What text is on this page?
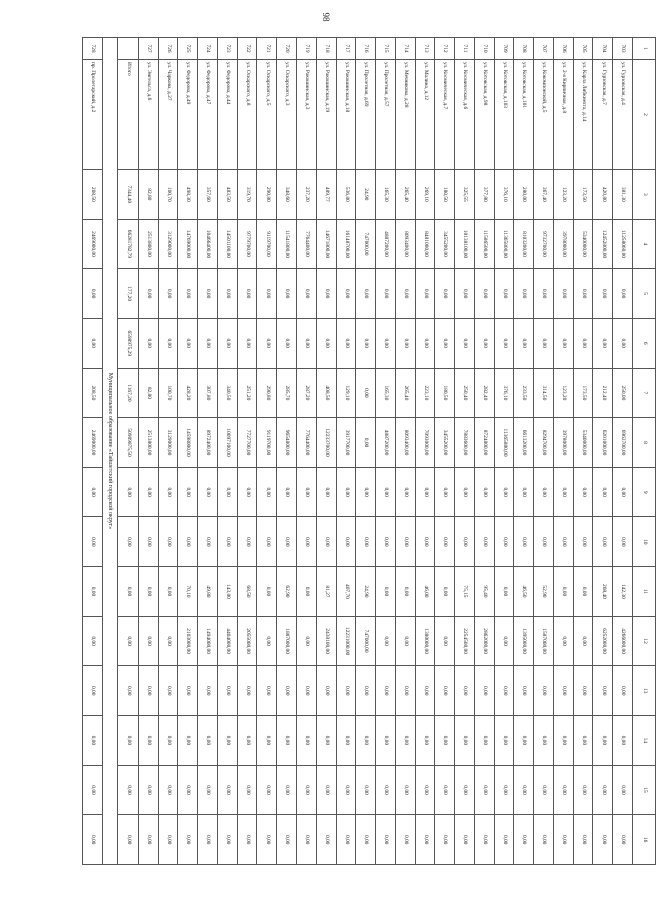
98
1	2	3	4	5	6	7	8	9	10	11	12	13	14	15	16
703	ул. Гурзовская, д.4	381,30	11258060,00	0,00	0,00	250,00	6963700,00	0,00	0,00	142,30	4266000,00	0,00	0,00	0,00	0,00
704	ул. Гурзовская, д.7	420,80	12452800,00	0,00	0,00	212,40	6201000,00	0,00	0,00	208,40	6252000,00	0,00	0,00	0,00	0,00
705	ул. Карла Либкнехта, д.14	173,50	5340000,00	0,00	0,00	173,50	5340000,00	0,00	0,00	0,00	0,00	0,00	0,00	0,00	0,00
706	ул. 2-я Кирпичная, д.8	123,20	3978000,00	0,00	0,00	123,20	3978000,00	0,00	0,00	0,00	0,00	0,00	0,00	0,00	0,00
707	ул. Кокомпонской, д.5	367,40	9732700,00	0,00	0,00	314,50	8294700,00	0,00	0,00	52,90	1587000,00	0,00	0,00	0,00	0,00
708	ул. Котовская, д.101	280,00	8103200,00	0,00	0,00	233,50	6613200,00	0,00	0,00	46,50	1395000,00	0,00	0,00	0,00	0,00
709	ул. Котовская, д.103	376,10	11365800,00	0,00	0,00	376,10	11365800,00	0,00	0,00	0,00	0,00	0,00	0,00	0,00	0,00
710	ул. Котовская, д.98	377,80	11586500,00	0,00	0,00	282,40	8724800,00	0,00	0,00	95,40	2862000,00	0,00	0,00	0,00	0,00
711	ул. Космическая, д.6	325,55	10138100,00	0,00	0,00	250,40	7883600,00	0,00	0,00	75,15	2254500,00	0,00	0,00	0,00	0,00
712	ул. Космическая, д.7	180,50	3455200,00	0,00	0,00	180,50	3455200,00	0,00	0,00	0,00	0,00	0,00	0,00	0,00	0,00
713	ул. Малина, д.12	269,10	8481000,00	0,00	0,00	223,10	7093000,00	0,00	0,00	46,00	1380000,00	0,00	0,00	0,00	0,00
714	ул. Мечникова, д.28	265,40	8093400,00	0,00	0,00	265,40	8093400,00	0,00	0,00	0,00	0,00	0,00	0,00	0,00	0,00
715	ул. Пролетная, д.57	165,30	4887200,00	0,00	0,00	165,30	4887200,00	0,00	0,00	0,00	0,00	0,00	0,00	0,00	0,00
716	ул. Пролетная, д.69	24,90	747000,00	0,00	0,00	0,00	0,00	0,00	0,00	24,90	747000,00	0,00	0,00	0,00	0,00
717	ул. Ракошинская, д.18	536,80	16148700,00	0,00	0,00	129,10	3917700,00	0,00	0,00	407,70	12231000,00	0,00	0,00	0,00	0,00
718	ул. Ракошинская, д.19	489,77	14671800,00	0,00	0,00	408,50	12233700,00	0,00	0,00	81,27	2438100,00	0,00	0,00	0,00	0,00
719	ул. Ракошинская, д.3	237,20	7764400,00	0,00	0,00	287,20	7764400,00	0,00	0,00	0,00	0,00	0,00	0,00	0,00	0,00
720	ул. Оскарского, д.3	348,60	11541800,00	0,00	0,00	285,70	9654800,00	0,00	0,00	62,90	1887000,00	0,00	0,00	0,00	0,00
721	ул. Оскарского, д.5	290,80	9119700,00	0,00	0,00	290,80	9119700,00	0,00	0,00	0,00	0,00	0,00	0,00	0,00	0,00
722	ул. Оскарского, д.8	319,70	9779700,00	0,00	0,00	251,20	7727700,00	0,00	0,00	68,50	2055000,00	0,00	0,00	0,00	0,00
723	ул. Федорова, д.44	483,50	14501100,00	0,00	0,00	340,50	10097100,00	0,00	0,00	143,00	4404000,00	0,00	0,00	0,00	0,00
724	ул. Федорова, д.47	357,60	10466400,00	0,00	0,00	307,80	8972400,00	0,00	0,00	49,80	1494000,00	0,00	0,00	0,00	0,00
725	ул. Федорова, д.49	498,30	14769000,00	0,00	0,00	428,20	14598000,00	0,00	0,00	70,10	2103000,00	0,00	0,00	0,00	0,00
726	ул. Чаркова, д.27	100,70	3129000,00	0,00	0,00	100,70	3129000,00	0,00	0,00	0,00	0,00	0,00	0,00	0,00	0,00
727	ул. Энгельса, д.6	82,80	2513800,00	0,00	0,00	82,80	2513800,00	0,00	0,00	0,00	0,00	0,00	0,00	0,00	0,00
	Итого	7344,40	66281782,79	177,20	6598975,29	1167,20	50909875,50	0,00	0,00	0,00	0,00	0,00	0,00	0,00	0,00
Муниципальное образование «Тайшетский городской округ»															
728	пр. Пролетарский, д.2	208,50	2469000,00	0,00	0,00	208,50	2469000,00	0,00	0,00	0,00	0,00	0,00	0,00	0,00	0,00
